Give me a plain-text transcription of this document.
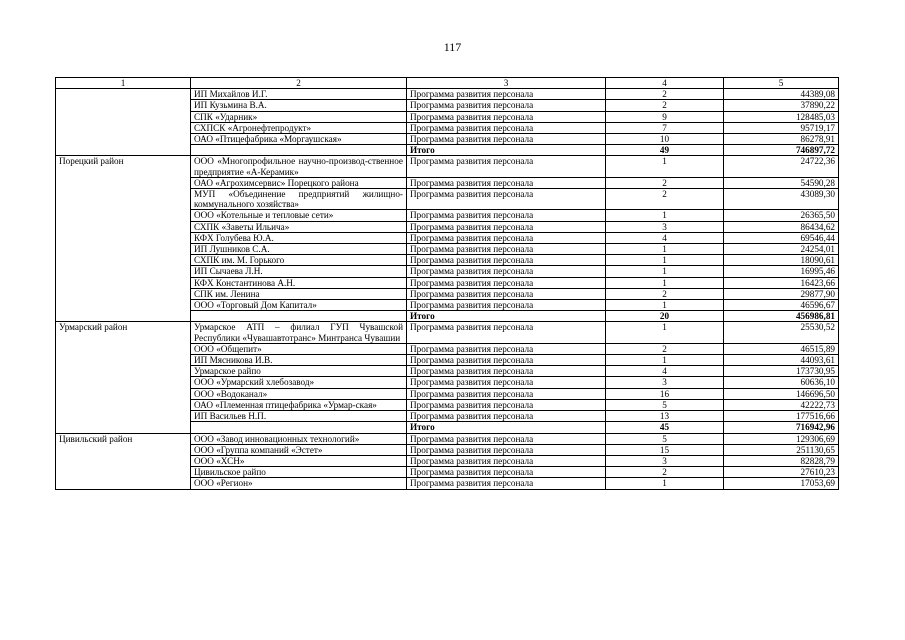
117
1	2	3	4	5
	ИП Михайлов И.Г.	Программа развития персонала	2	44389,08
	ИП Кузьмина В.А.	Программа развития персонала	2	37890,22
	СПК «Ударник»	Программа развития персонала	9	128485,03
	СХПСК «Агронефтепродукт»	Программа развития персонала	7	95719,17
	ОАО «Птицефабрика «Моргаушская»	Программа развития персонала	10	86278,91
		Итого	49	746897,72
Порецкий район	ООО «Многопрофильное научно-производ-ственное предприятие «А-Керамик»	Программа развития персонала	1	24722,36
	ОАО «Агрохимсервис» Порецкого района	Программа развития персонала	2	54590,28
	МУП «Объединение предприятий жилищно-коммунального хозяйства»	Программа развития персонала	2	43089,30
	ООО «Котельные и тепловые сети»	Программа развития персонала	1	26365,50
	СХПК «Заветы Ильича»	Программа развития персонала	3	86434,62
	КФХ Голубева Ю.А.	Программа развития персонала	4	69546,44
	ИП Лушников С.А.	Программа развития персонала	1	24254,01
	СХПК им. М. Горького	Программа развития персонала	1	18090,61
	ИП Сычаева Л.Н.	Программа развития персонала	1	16995,46
	КФХ Константинова А.Н.	Программа развития персонала	1	16423,66
	СПК им. Ленина	Программа развития персонала	2	29877,90
	ООО «Торговый Дом Капитал»	Программа развития персонала	1	46596,67
		Итого	20	456986,81
Урмарский район	Урмарское АТП – филиал ГУП Чувашской Республики «Чувашавтотранс» Минтранса Чувашии	Программа развития персонала	1	25530,52
	ООО «Общепит»	Программа развития персонала	2	46515,89
	ИП Мясникова И.В.	Программа развития персонала	1	44093,61
	Урмарское райпо	Программа развития персонала	4	173730,95
	ООО «Урмарский хлебозавод»	Программа развития персонала	3	60636,10
	ООО «Водоканал»	Программа развития персонала	16	146696,50
	ОАО «Племенная птицефабрика «Урмар-ская»	Программа развития персонала	5	42222,73
	ИП Васильев Н.П.	Программа развития персонала	13	177516,66
		Итого	45	716942,96
Цивильский район	ООО «Завод инновационных технологий»	Программа развития персонала	5	129306,69
	ООО «Группа компаний «Эстет»	Программа развития персонала	15	251130,65
	ООО «ХСН»	Программа развития персонала	3	82828,79
	Цивильское райпо	Программа развития персонала	2	27610,23
	ООО «Регион»	Программа развития персонала	1	17053,69
